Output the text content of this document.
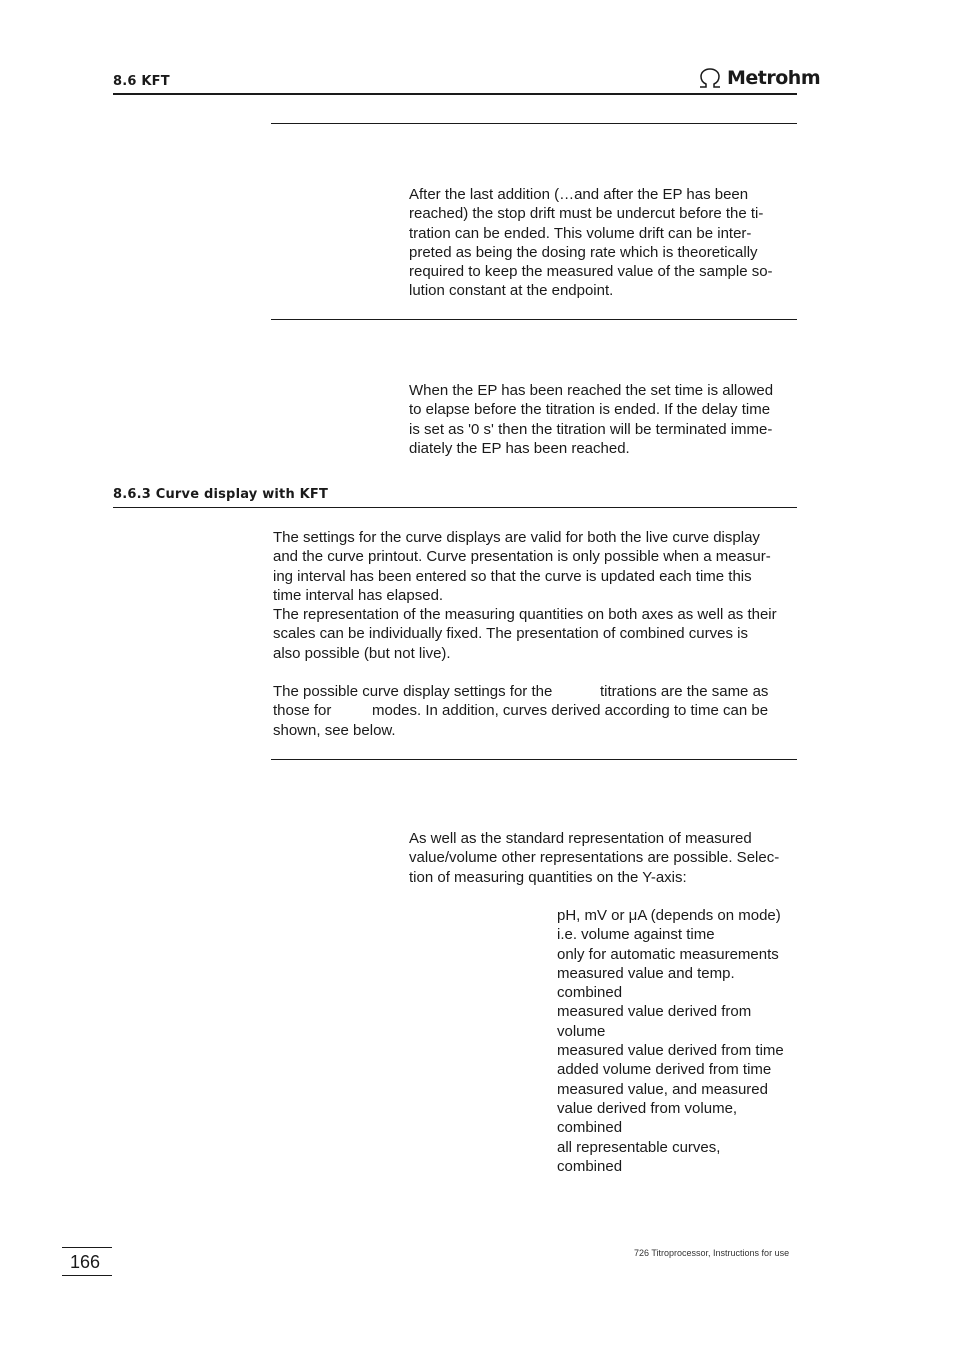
8.6 KFT	Metrohm
After the last addition (…and after the EP has been
reached) the stop drift must be undercut before the ti-
tration can be ended. This volume drift can be inter-
preted as being the dosing rate which is theoretically
required to keep the measured value of the sample so-
lution constant at the endpoint.
When the EP has been reached the set time is allowed
to elapse before the titration is ended. If the delay time
is set as '0 s' then the titration will be terminated imme-
diately the EP has been reached.
8.6.3 Curve display with KFT
The settings for the curve displays are valid for both the live curve display
and the curve printout. Curve presentation is only possible when a measur-
ing interval has been entered so that the curve is updated each time this
time interval has elapsed.
The representation of the measuring quantities on both axes as well as their
scales can be individually fixed. The presentation of combined curves is
also possible (but not live).
The possible curve display settings for the	titrations are the same as
those for	modes. In addition, curves derived according to time can be
shown, see below.
As well as the standard representation of measured
value/volume other representations are possible. Selec-
tion of measuring quantities on the Y-axis:
pH, mV or μA (depends on mode)
i.e. volume against time
only for automatic measurements
measured value and temp.
combined
measured value derived from
volume
measured value derived from time
added volume derived from time
measured value, and measured
value derived from volume,
combined
all representable curves,
combined
166	726 Titroprocessor, Instructions for use
